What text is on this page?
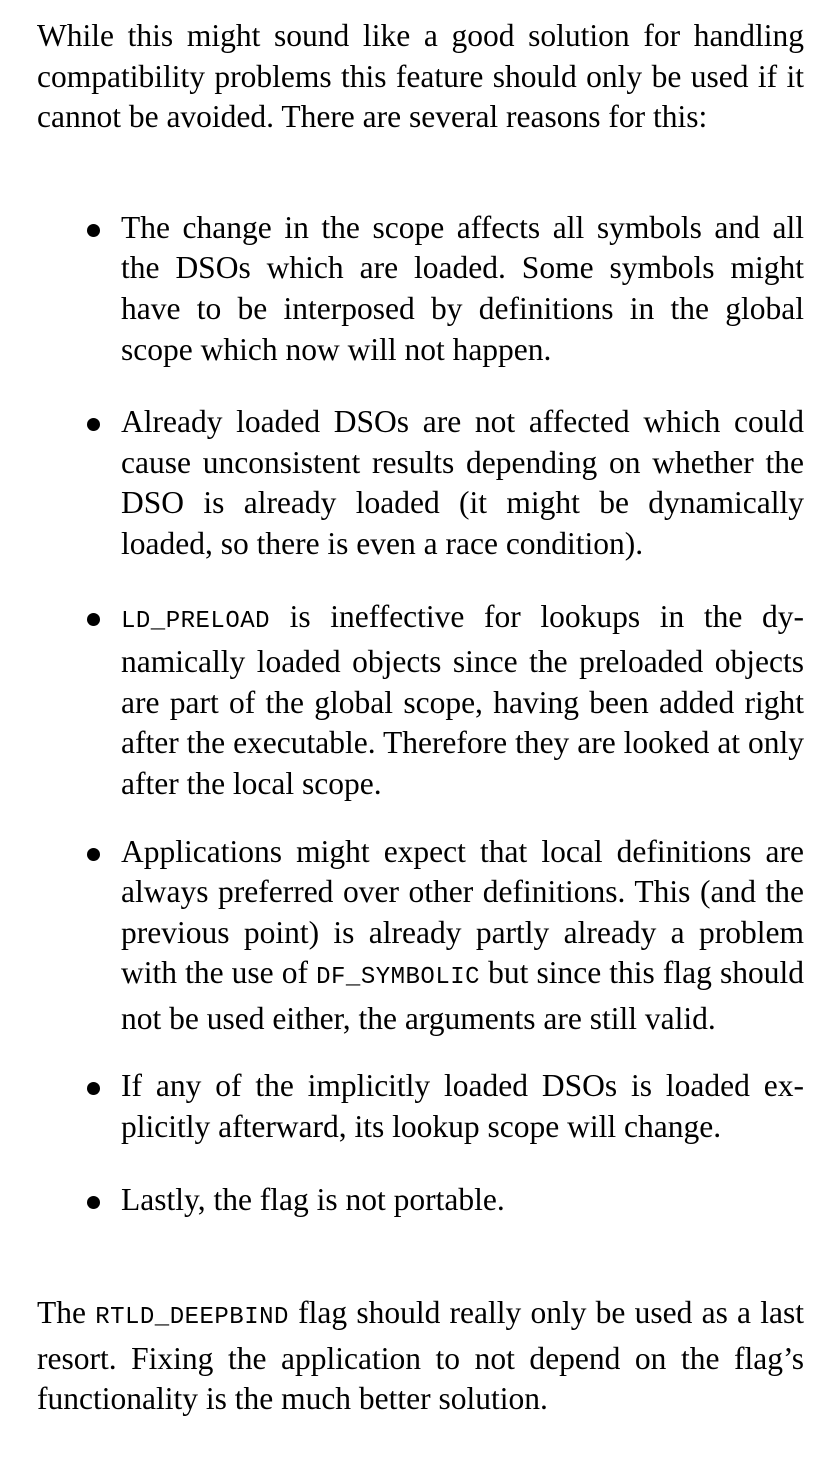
While this might sound like a good solution for handling compatibility problems this feature should only be used if it cannot be avoided. There are several reasons for this:

The change in the scope affects all symbols and all the DSOs which are loaded. Some symbols might have to be interposed by definitions in the global scope which now will not happen.
Already loaded DSOs are not affected which could cause unconsistent results depending on whether the DSO is already loaded (it might be dynamically loaded, so there is even a race condition).
LD_PRELOAD is ineffective for lookups in the dynamically loaded objects since the preloaded objects are part of the global scope, having been added right after the executable. Therefore they are looked at only after the local scope.
Applications might expect that local definitions are always preferred over other definitions. This (and the previous point) is already partly already a problem with the use of DF_SYMBOLIC but since this flag should not be used either, the arguments are still valid.
If any of the implicitly loaded DSOs is loaded explicitly afterward, its lookup scope will change.
Lastly, the flag is not portable.

The RTLD_DEEPBIND flag should really only be used as a last resort. Fixing the application to not depend on the flag’s functionality is the much better solution.
